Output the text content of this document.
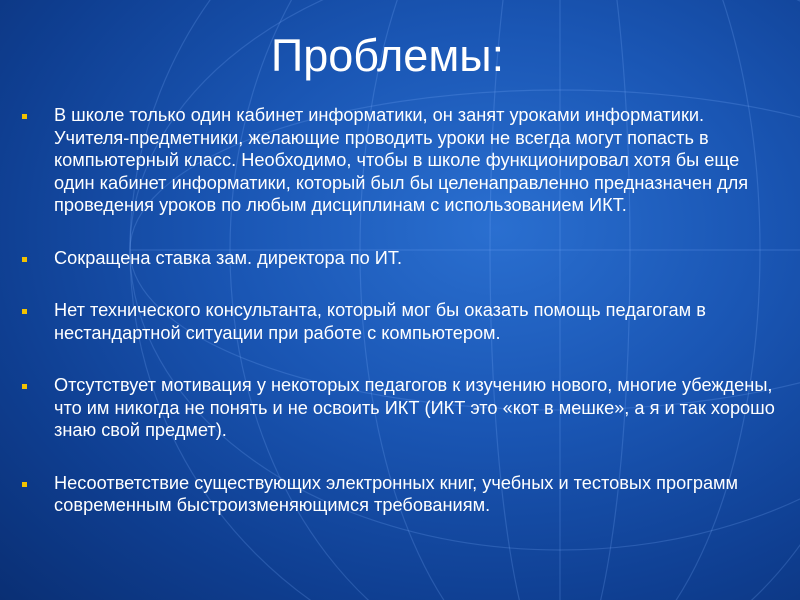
Проблемы:
В школе только один кабинет информатики, он занят уроками информатики. Учителя-предметники, желающие проводить уроки не всегда могут попасть в компьютерный класс. Необходимо, чтобы в школе функционировал хотя бы еще один кабинет информатики, который был бы целенаправленно предназначен для проведения уроков по любым дисциплинам с использованием ИКТ.
Сокращена ставка зам. директора по ИТ.
Нет технического консультанта, который мог бы оказать помощь педагогам в нестандартной ситуации при работе с компьютером.
Отсутствует мотивация у некоторых педагогов к изучению нового, многие убеждены, что им никогда не понять и не освоить ИКТ (ИКТ это «кот в мешке», а я и так хорошо знаю свой предмет).
Несоответствие существующих электронных книг, учебных и тестовых программ современным быстроизменяющимся требованиям.
